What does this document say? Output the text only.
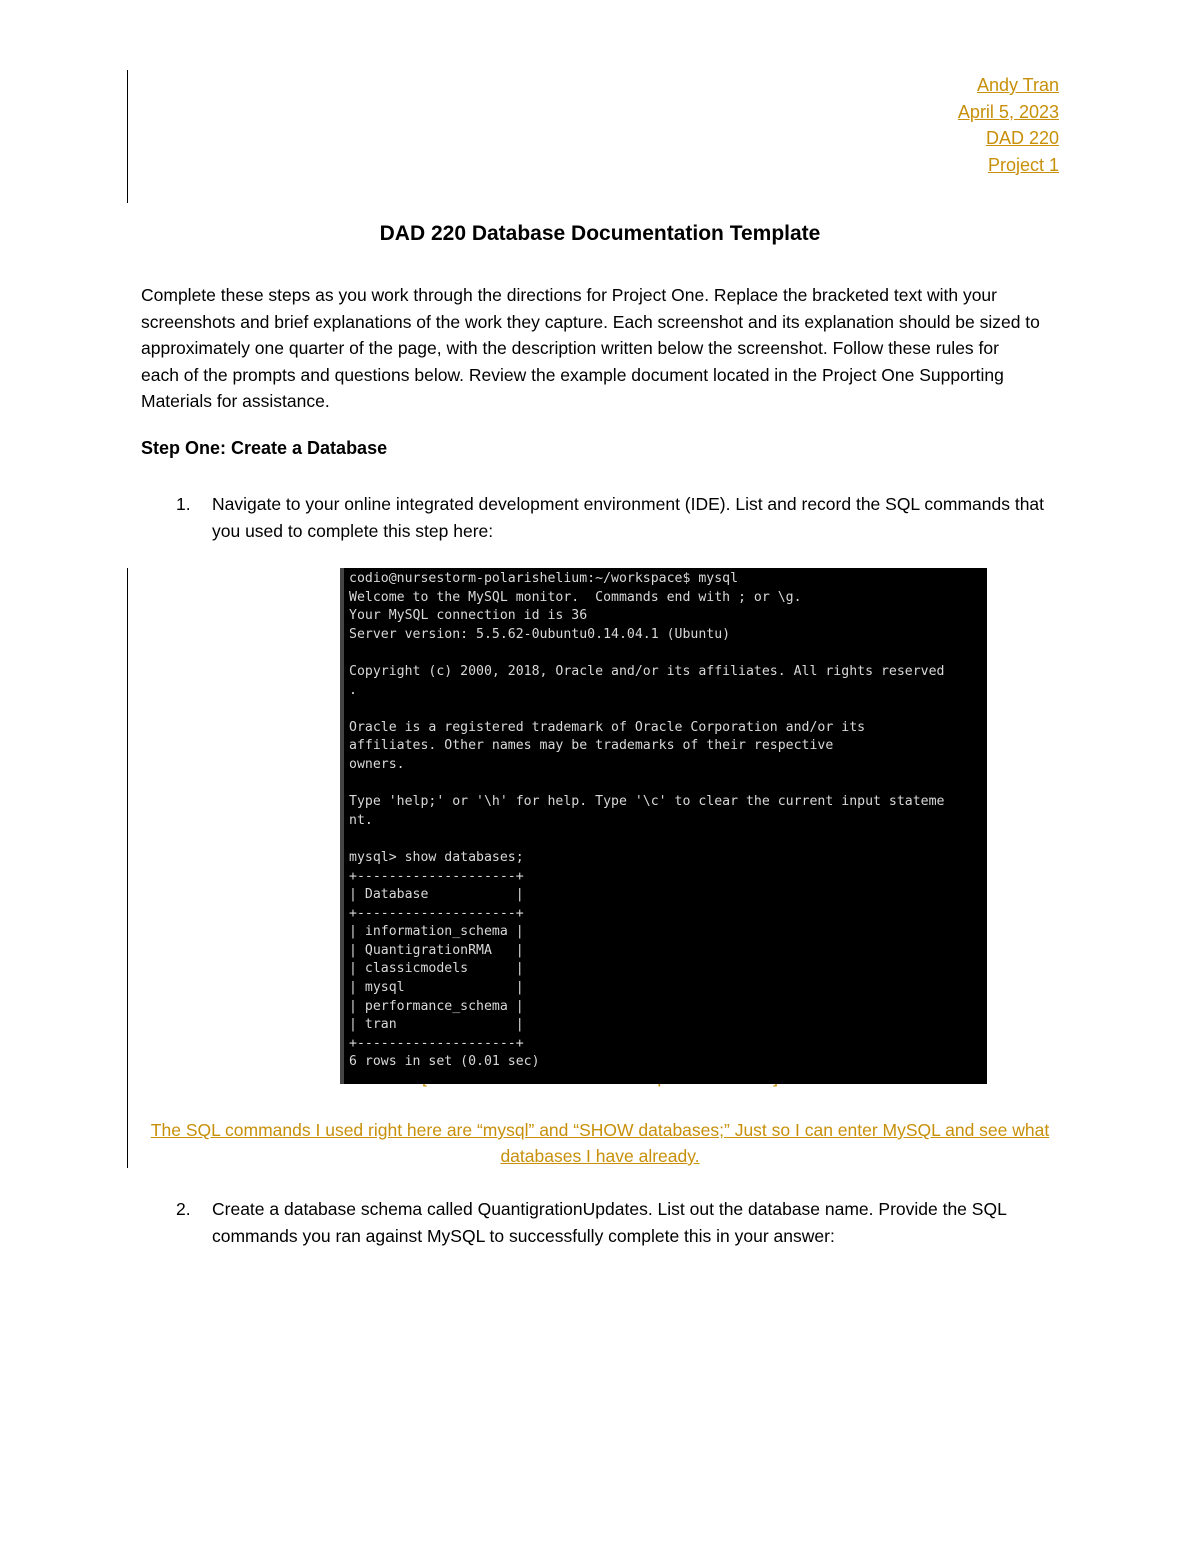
Andy Tran
April 5, 2023
DAD 220
Project 1
DAD 220 Database Documentation Template

Complete these steps as you work through the directions for Project One. Replace the bracketed text with your screenshots and brief explanations of the work they capture. Each screenshot and its explanation should be sized to approximately one quarter of the page, with the description written below the screenshot. Follow these rules for each of the prompts and questions below. Review the example document located in the Project One Supporting Materials for assistance.

Step One: Create a Database
1. Navigate to your online integrated development environment (IDE). List and record the SQL commands that you used to complete this step here:
codio@nursestorm-polarishelium:~/workspace$ mysql
Welcome to the MySQL monitor.  Commands end with ; or \g.
Your MySQL connection id is 36
Server version: 5.5.62-0ubuntu0.14.04.1 (Ubuntu)

Copyright (c) 2000, 2018, Oracle and/or its affiliates. All rights reserved
.

Oracle is a registered trademark of Oracle Corporation and/or its
affiliates. Other names may be trademarks of their respective
owners.

Type 'help;' or '\h' for help. Type '\c' to clear the current input stateme
nt.

mysql> show databases;
+--------------------+
| Database           |
+--------------------+
| information_schema |
| QuantigrationRMA   |
| classicmodels      |
| mysql              |
| performance_schema |
| tran               |
+--------------------+
6 rows in set (0.01 sec)
The SQL commands I used right here are “mysql” and “SHOW databases;” Just so I can enter MySQL and see what databases I have already.
2. Create a database schema called QuantigrationUpdates. List out the database name. Provide the SQL commands you ran against MySQL to successfully complete this in your answer:
